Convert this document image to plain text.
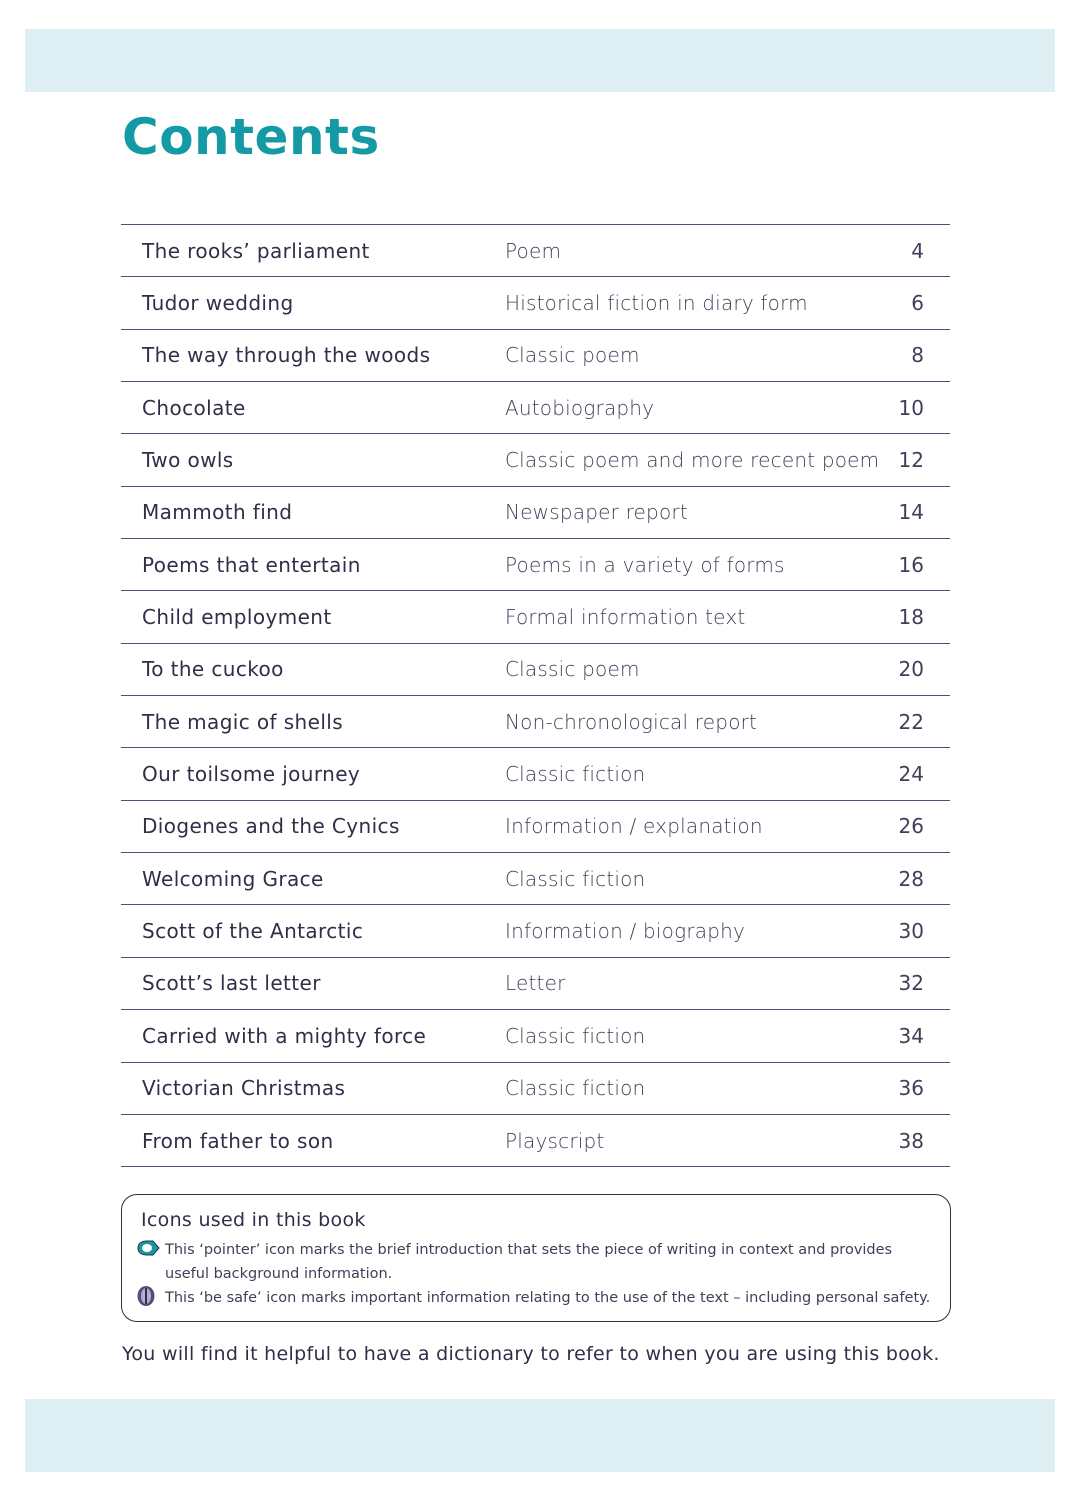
Contents
The rooks’ parliament	Poem	4
Tudor wedding	Historical fiction in diary form	6
The way through the woods	Classic poem	8
Chocolate	Autobiography	10
Two owls	Classic poem and more recent poem 12
Mammoth find	Newspaper report	14
Poems that entertain	Poems in a variety of forms	16
Child employment	Formal information text	18
To the cuckoo	Classic poem	20
The magic of shells	Non-chronological report	22
Our toilsome journey	Classic fiction	24
Diogenes and the Cynics	Information / explanation	26
Welcoming Grace	Classic fiction	28
Scott of the Antarctic	Information / biography	30
Scott’s last letter	Letter	32
Carried with a mighty force	Classic fiction	34
Victorian Christmas	Classic fiction	36
From father to son	Playscript	38
Icons used in this book
This ‘pointer’ icon marks the brief introduction that sets the piece of writing in context and provides useful background information.
This ‘be safe’ icon marks important information relating to the use of the text – including personal safety.
You will find it helpful to have a dictionary to refer to when you are using this book.
